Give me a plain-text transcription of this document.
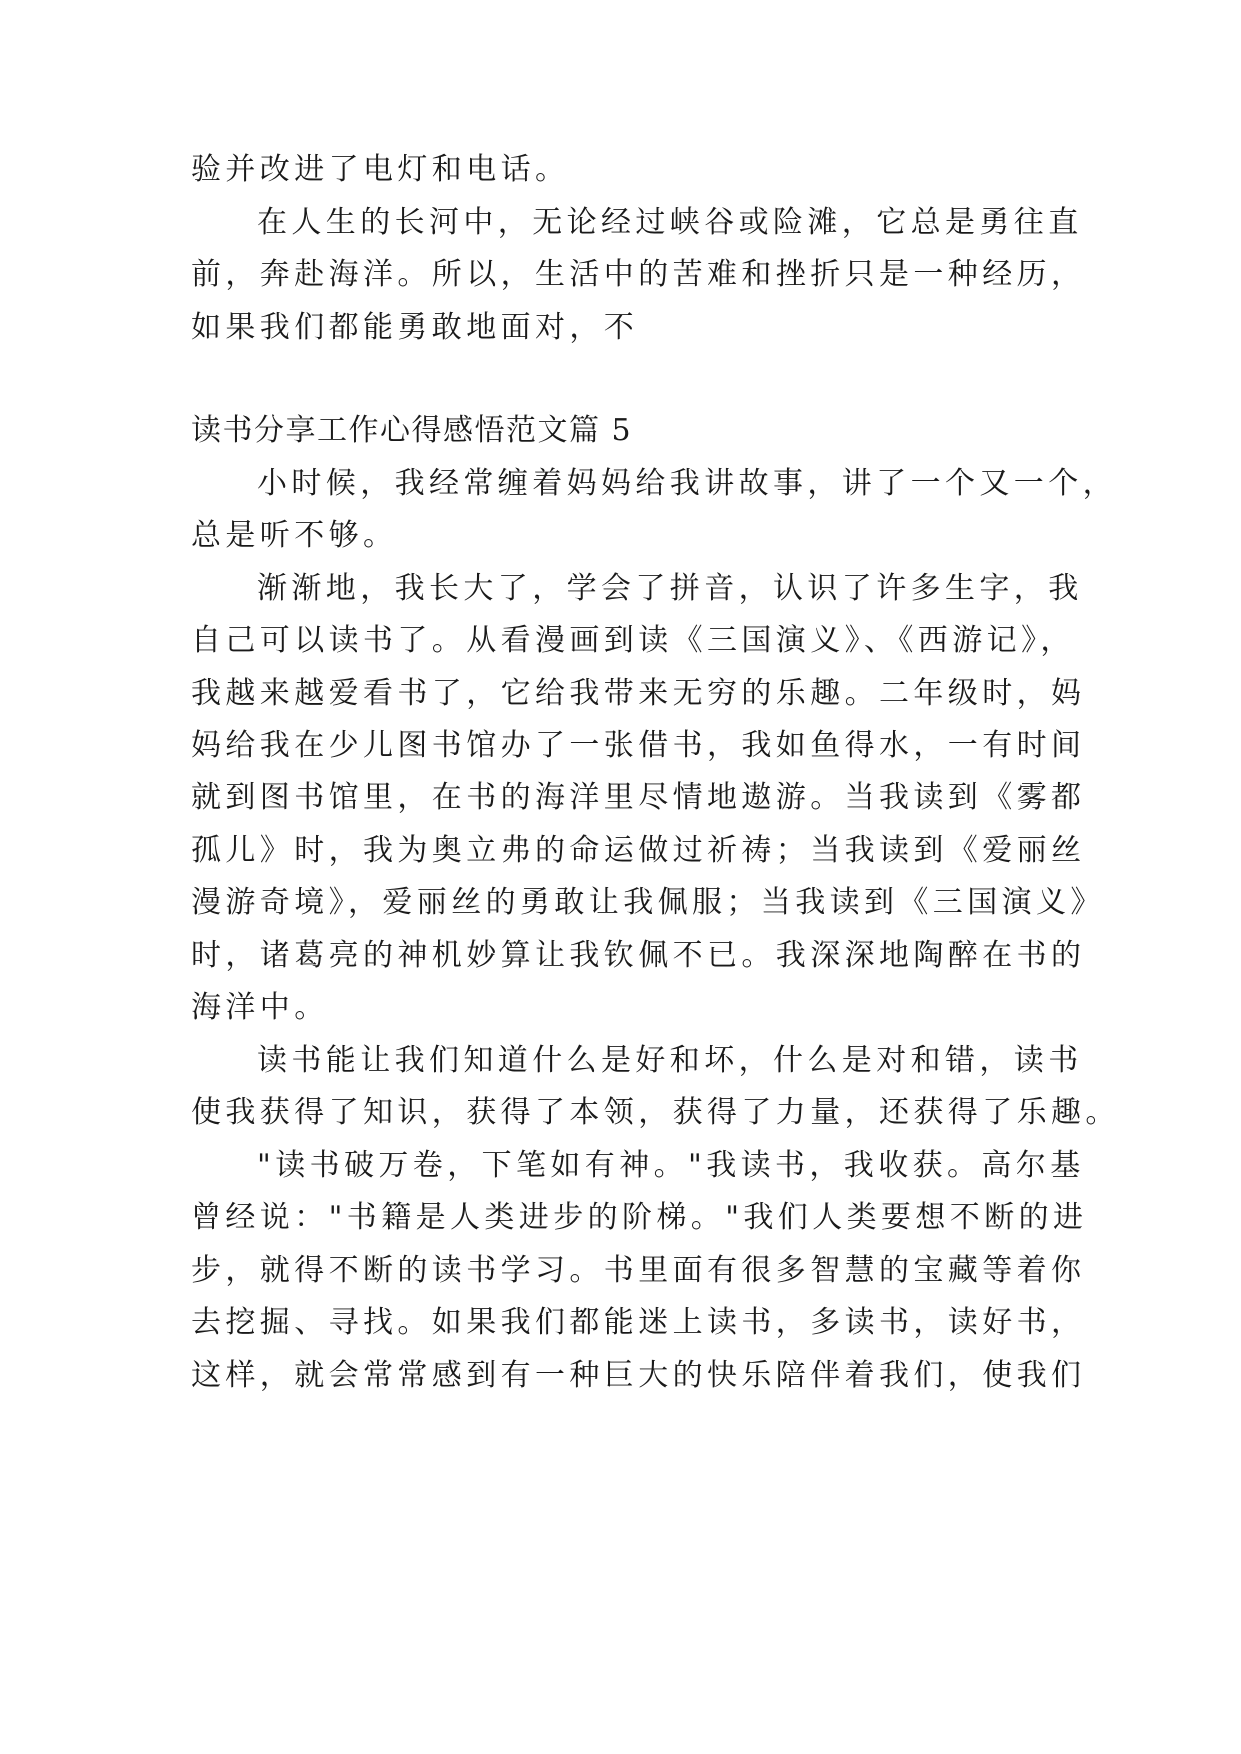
验并改进了电灯和电话。
在人生的长河中，无论经过峡谷或险滩，它总是勇往直
前，奔赴海洋。所以，生活中的苦难和挫折只是一种经历，
如果我们都能勇敢地面对，不
读书分享工作心得感悟范文篇 5
小时候，我经常缠着妈妈给我讲故事，讲了一个又一个，
总是听不够。
渐渐地，我长大了，学会了拼音，认识了许多生字，我
自己可以读书了。从看漫画到读《三国演义》、《西游记》，
我越来越爱看书了，它给我带来无穷的乐趣。二年级时，妈
妈给我在少儿图书馆办了一张借书，我如鱼得水，一有时间
就到图书馆里，在书的海洋里尽情地遨游。当我读到《雾都
孤儿》时，我为奥立弗的命运做过祈祷；当我读到《爱丽丝
漫游奇境》，爱丽丝的勇敢让我佩服；当我读到《三国演义》
时，诸葛亮的神机妙算让我钦佩不已。我深深地陶醉在书的
海洋中。
读书能让我们知道什么是好和坏，什么是对和错，读书
使我获得了知识，获得了本领，获得了力量，还获得了乐趣。
"读书破万卷，下笔如有神。"我读书，我收获。高尔基
曾经说："书籍是人类进步的阶梯。"我们人类要想不断的进
步，就得不断的读书学习。书里面有很多智慧的宝藏等着你
去挖掘、寻找。如果我们都能迷上读书，多读书，读好书，
这样，就会常常感到有一种巨大的快乐陪伴着我们，使我们
